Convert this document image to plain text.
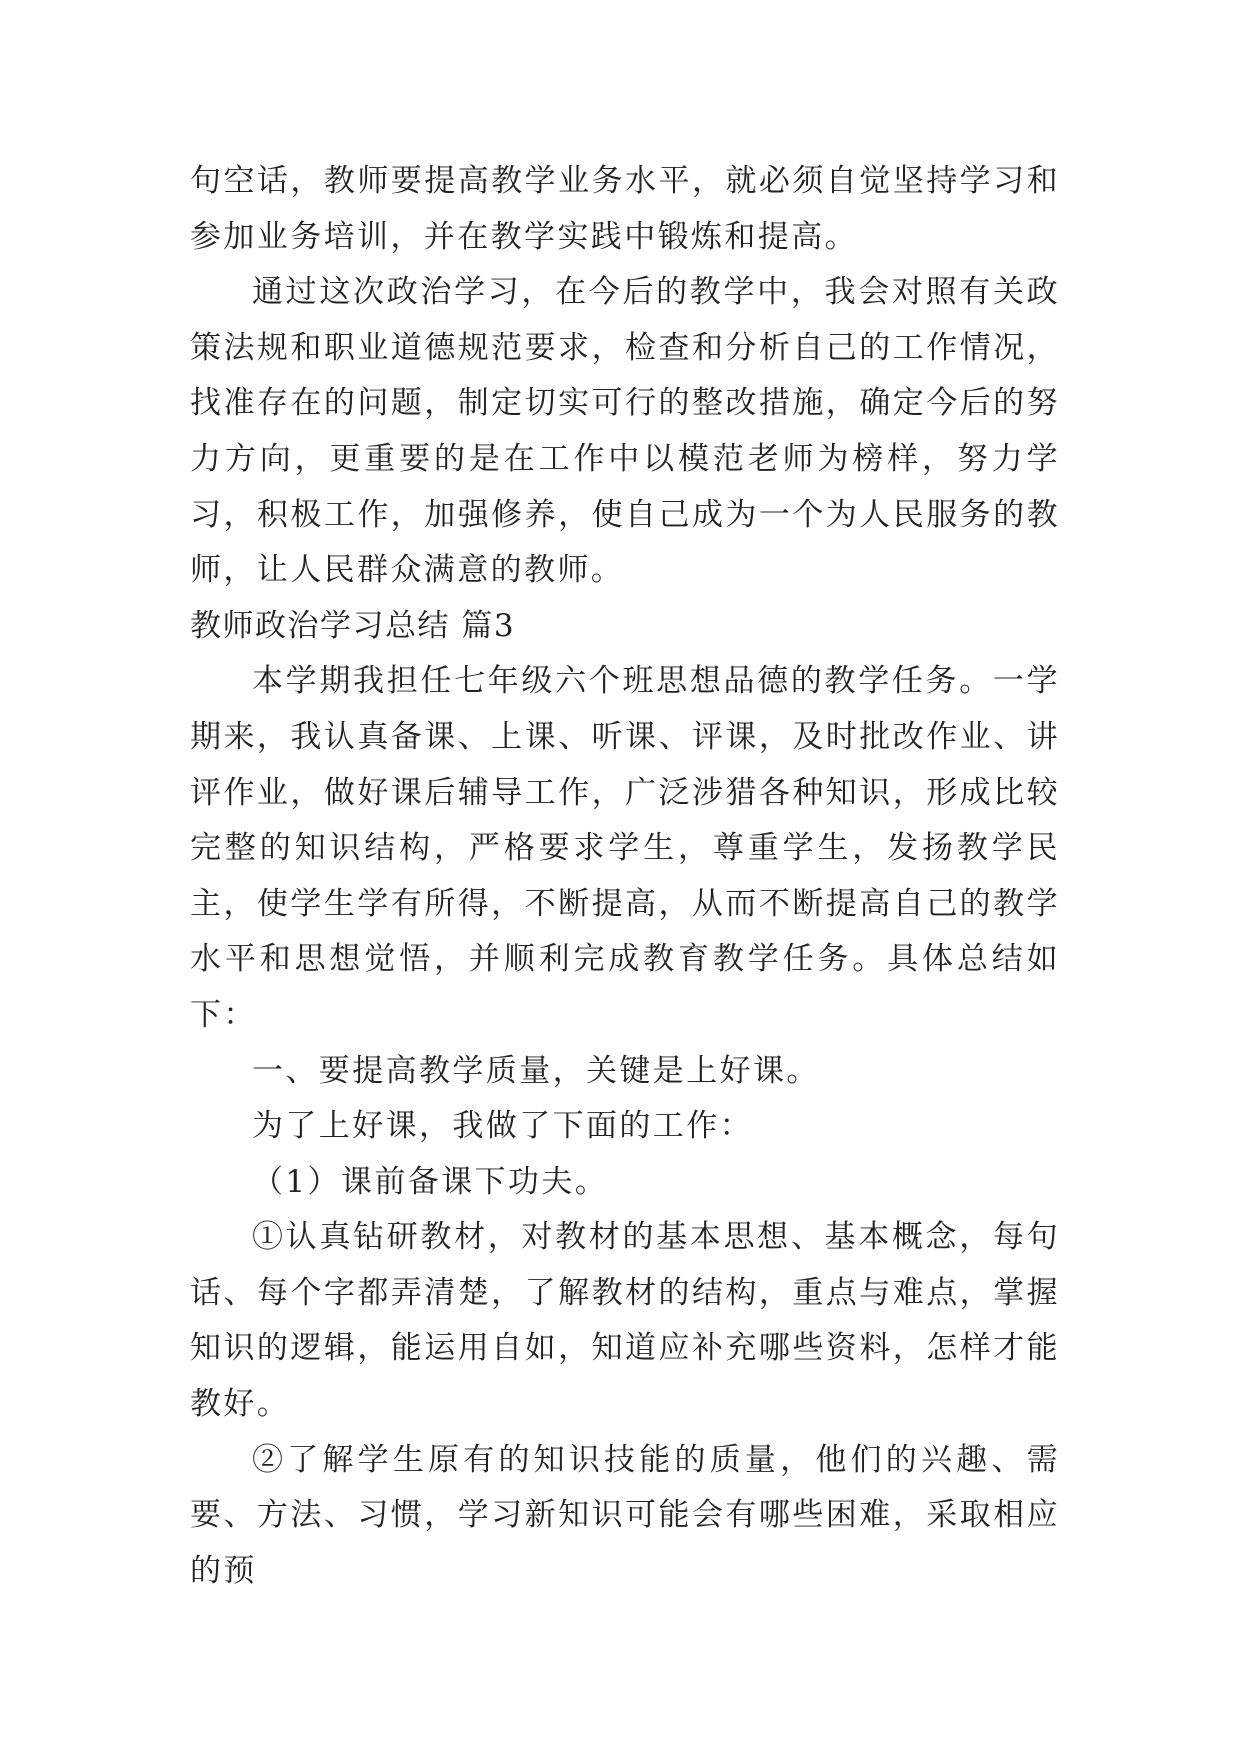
句空话，教师要提高教学业务水平，就必须自觉坚持学习和参加业务培训，并在教学实践中锻炼和提高。

通过这次政治学习，在今后的教学中，我会对照有关政策法规和职业道德规范要求，检查和分析自己的工作情况，找准存在的问题，制定切实可行的整改措施，确定今后的努力方向，更重要的是在工作中以模范老师为榜样，努力学习，积极工作，加强修养，使自己成为一个为人民服务的教师，让人民群众满意的教师。

教师政治学习总结 篇3

本学期我担任七年级六个班思想品德的教学任务。一学期来，我认真备课、上课、听课、评课，及时批改作业、讲评作业，做好课后辅导工作，广泛涉猎各种知识，形成比较完整的知识结构，严格要求学生，尊重学生，发扬教学民主，使学生学有所得，不断提高，从而不断提高自己的教学水平和思想觉悟，并顺利完成教育教学任务。具体总结如下：

一、要提高教学质量，关键是上好课。

为了上好课，我做了下面的工作：

（1）课前备课下功夫。

①认真钻研教材，对教材的基本思想、基本概念，每句话、每个字都弄清楚，了解教材的结构，重点与难点，掌握知识的逻辑，能运用自如，知道应补充哪些资料，怎样才能教好。

②了解学生原有的知识技能的质量，他们的兴趣、需要、方法、习惯，学习新知识可能会有哪些困难，采取相应的预
